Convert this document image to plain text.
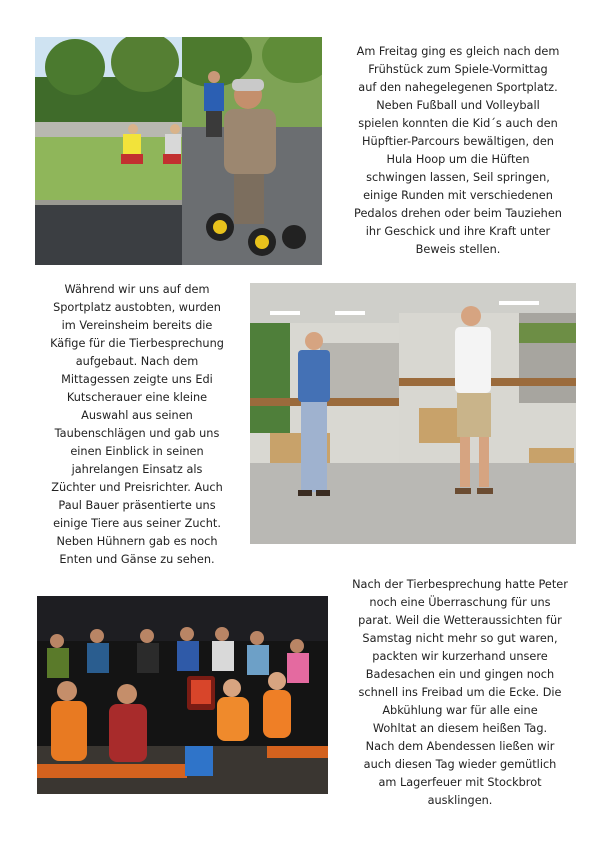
Am Freitag ging es gleich nach dem
Frühstück zum Spiele-Vormittag
auf den nahegelegenen Sportplatz.
Neben Fußball und Volleyball
spielen konnten die Kid´s auch den
Hüpftier-Parcours bewältigen, den
Hula Hoop um die Hüften
schwingen lassen, Seil springen,
einige Runden mit verschiedenen
Pedalos drehen oder beim Tauziehen
ihr Geschick und ihre Kraft unter
Beweis stellen.
Während wir uns auf dem
Sportplatz austobten, wurden
im Vereinsheim bereits die
Käfige für die Tierbesprechung
aufgebaut. Nach dem
Mittagessen zeigte uns Edi
Kutscherauer eine kleine
Auswahl aus seinen
Taubenschlägen und gab uns
einen Einblick in seinen
jahrelangen Einsatz als
Züchter und Preisrichter. Auch
Paul Bauer präsentierte uns
einige Tiere aus seiner Zucht.
Neben Hühnern gab es noch
Enten und Gänse zu sehen.
Nach der Tierbesprechung hatte Peter
noch eine Überraschung für uns
parat. Weil die Wetteraussichten für
Samstag nicht mehr so gut waren,
packten wir kurzerhand unsere
Badesachen ein und gingen noch
schnell ins Freibad um die Ecke. Die
Abkühlung war für alle eine
Wohltat an diesem heißen Tag.
Nach dem Abendessen ließen wir
auch diesen Tag wieder gemütlich
am Lagerfeuer mit Stockbrot
ausklingen.
